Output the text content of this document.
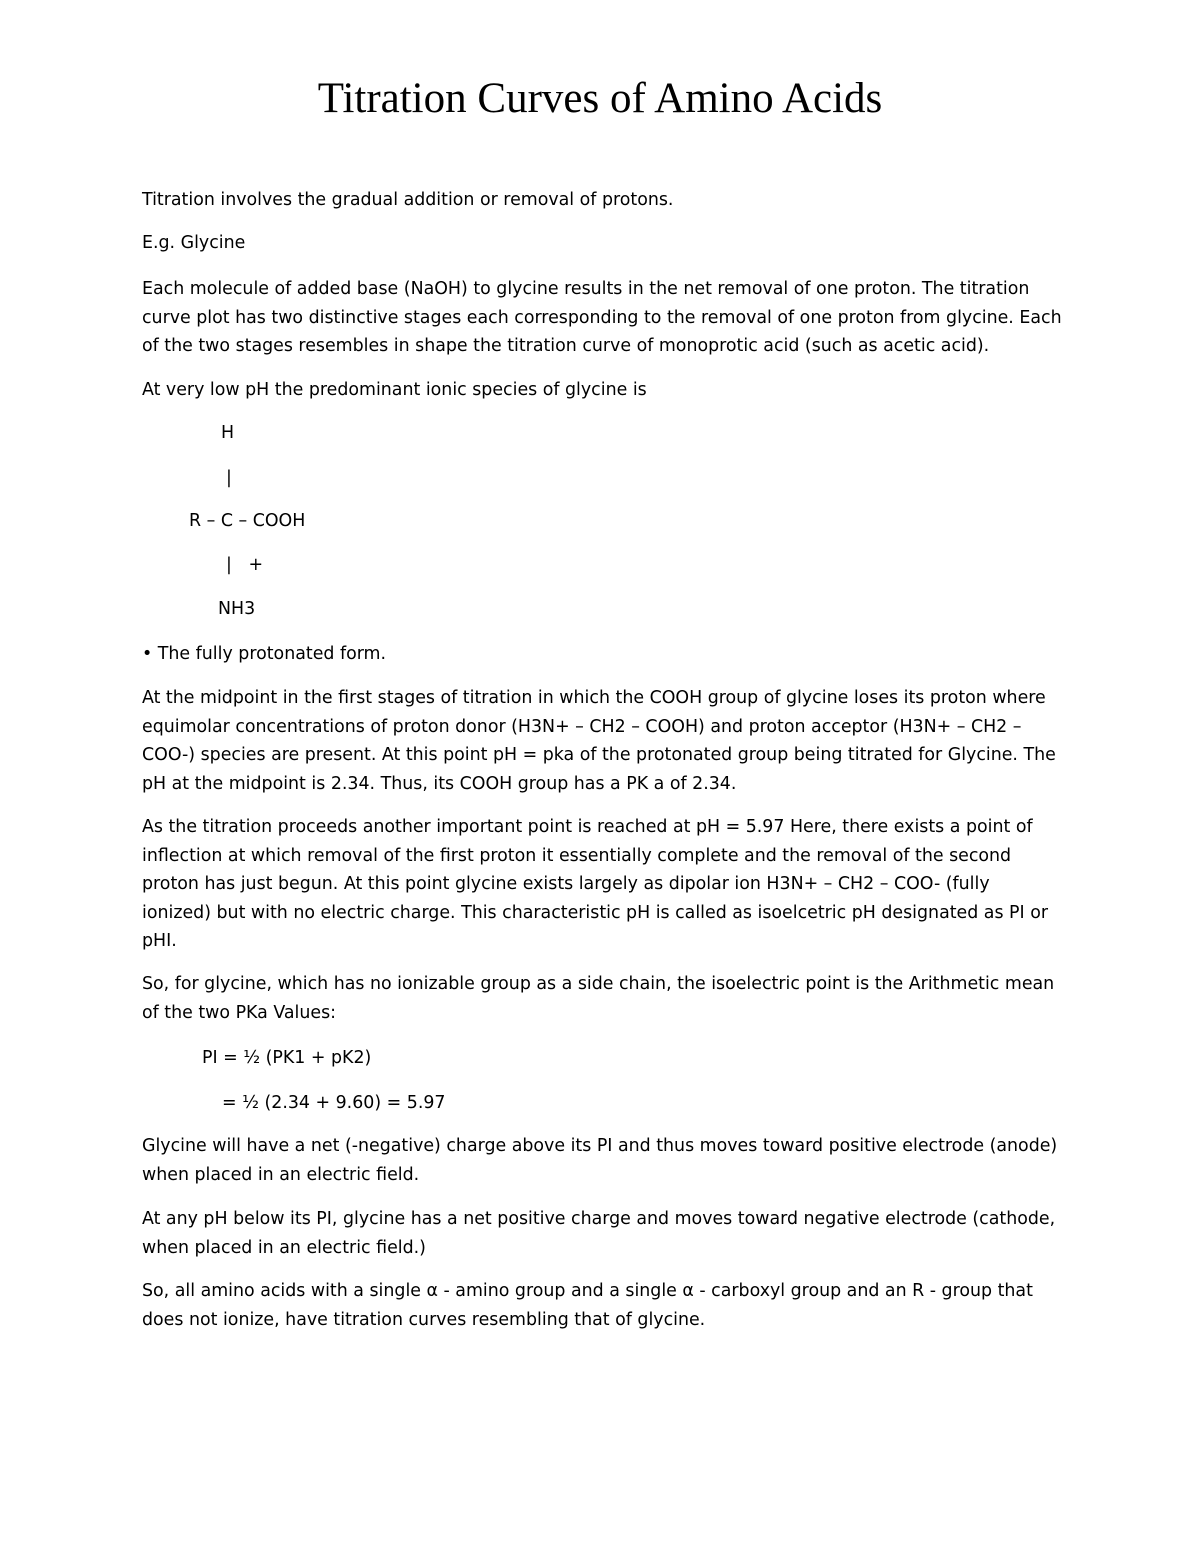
Titration Curves of Amino Acids

Titration involves the gradual addition or removal of protons.

E.g. Glycine

Each molecule of added base (NaOH) to glycine results in the net removal of one proton. The titration curve plot has two distinctive stages each corresponding to the removal of one proton from glycine. Each of the two stages resembles in shape the titration curve of monoprotic acid (such as acetic acid).

At very low pH the predominant ionic species of glycine is

H

|

R – C – COOH

|   +

NH3

• The fully protonated form.

At the midpoint in the first stages of titration in which the COOH group of glycine loses its proton where equimolar concentrations of proton donor (H3N+ – CH2 – COOH) and proton acceptor (H3N+ – CH2 – COO-) species are present. At this point pH = pka of the protonated group being titrated for Glycine. The pH at the midpoint is 2.34. Thus, its COOH group has a PK a of 2.34.

As the titration proceeds another important point is reached at pH = 5.97 Here, there exists a point of inflection at which removal of the first proton it essentially complete and the removal of the second proton has just begun. At this point glycine exists largely as dipolar ion H3N+ – CH2 – COO- (fully ionized) but with no electric charge. This characteristic pH is called as isoelcetric pH designated as PI or pHI.

So, for glycine, which has no ionizable group as a side chain, the isoelectric point is the Arithmetic mean of the two PKa Values:

PI = ½ (PK1 + pK2)

= ½ (2.34 + 9.60) = 5.97

Glycine will have a net (-negative) charge above its PI and thus moves toward positive electrode (anode) when placed in an electric field.

At any pH below its PI, glycine has a net positive charge and moves toward negative electrode (cathode, when placed in an electric field.)

So, all amino acids with a single α - amino group and a single α - carboxyl group and an R - group that does not ionize, have titration curves resembling that of glycine.
